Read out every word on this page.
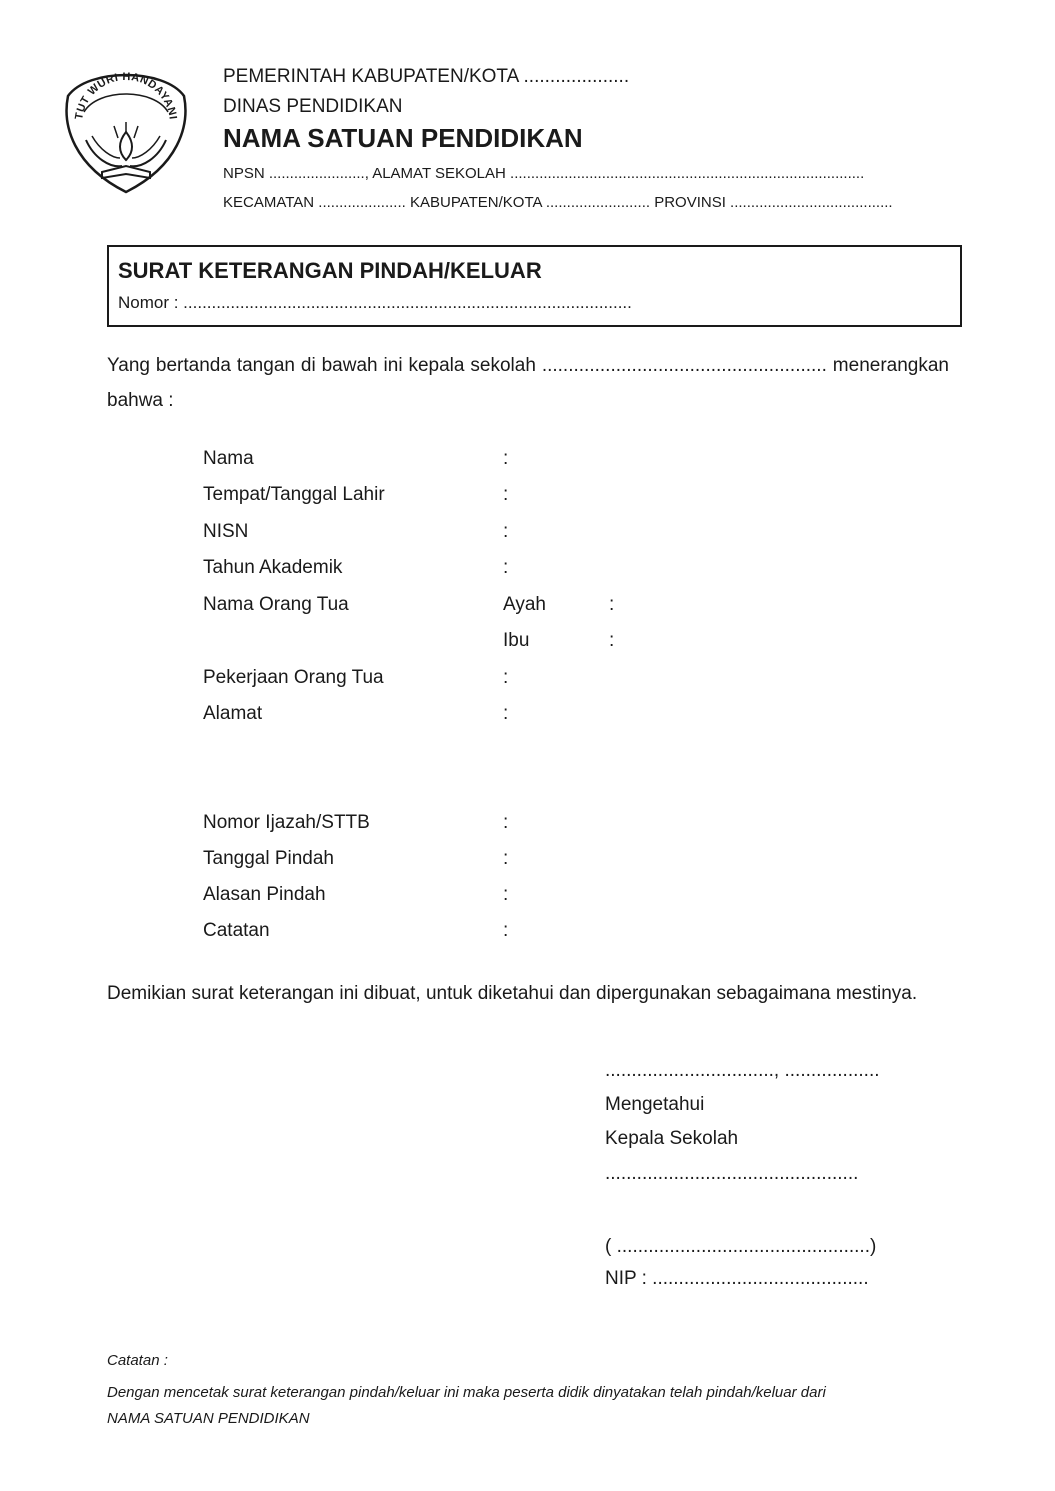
TUT WURI HANDAYANI
PEMERINTAH KABUPATEN/KOTA ....................
DINAS PENDIDIKAN
NAMA SATUAN PENDIDIKAN
NPSN ......................., ALAMAT SEKOLAH .....................................................................................
KECAMATAN ..................... KABUPATEN/KOTA ......................... PROVINSI .......................................
SURAT KETERANGAN PINDAH/KELUAR
Nomor : ...............................................................................................
Yang bertanda tangan di bawah ini kepala sekolah ...................................................... menerangkan bahwa :
Nama	:
Tempat/Tanggal Lahir	:
NISN	:
Tahun Akademik	:
Nama Orang Tua	Ayah	:
Ibu	:
Pekerjaan Orang Tua	:
Alamat	:
Nomor Ijazah/STTB	:
Tanggal Pindah	:
Alasan Pindah	:
Catatan	:
Demikian surat keterangan ini dibuat, untuk diketahui dan dipergunakan sebagaimana mestinya.
................................, ..................
Mengetahui
Kepala Sekolah
................................................
( ................................................)
NIP : .........................................
Catatan :
Dengan mencetak surat keterangan pindah/keluar ini maka peserta didik dinyatakan telah pindah/keluar dari
NAMA SATUAN PENDIDIKAN
